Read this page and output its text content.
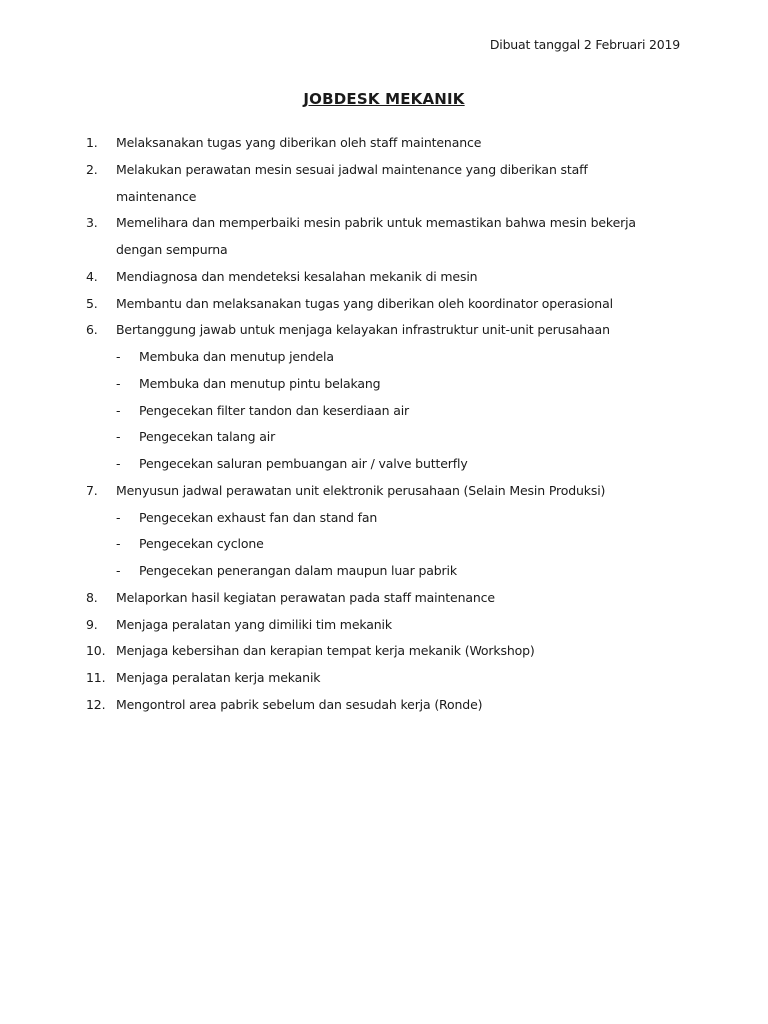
Dibuat tanggal 2 Februari 2019
JOBDESK MEKANIK
1.	Melaksanakan tugas yang diberikan oleh staff maintenance
2.	Melakukan perawatan mesin sesuai jadwal maintenance yang diberikan staff
maintenance
3.	Memelihara dan memperbaiki mesin pabrik untuk memastikan bahwa mesin bekerja
dengan sempurna
4.	Mendiagnosa dan mendeteksi kesalahan mekanik di mesin
5.	Membantu dan melaksanakan tugas yang diberikan oleh koordinator operasional
6.	Bertanggung jawab untuk menjaga kelayakan infrastruktur unit-unit perusahaan
- Membuka dan menutup jendela
- Membuka dan menutup pintu belakang
- Pengecekan filter tandon dan keserdiaan air
- Pengecekan talang air
- Pengecekan saluran pembuangan air / valve butterfly
7.	Menyusun jadwal perawatan unit elektronik perusahaan (Selain Mesin Produksi)
- Pengecekan exhaust fan dan stand fan
- Pengecekan cyclone
- Pengecekan penerangan dalam maupun luar pabrik
8.	Melaporkan hasil kegiatan perawatan pada staff maintenance
9.	Menjaga peralatan yang dimiliki tim mekanik
10. Menjaga kebersihan dan kerapian tempat kerja mekanik (Workshop)
11. Menjaga peralatan kerja mekanik
12. Mengontrol area pabrik sebelum dan sesudah kerja (Ronde)
